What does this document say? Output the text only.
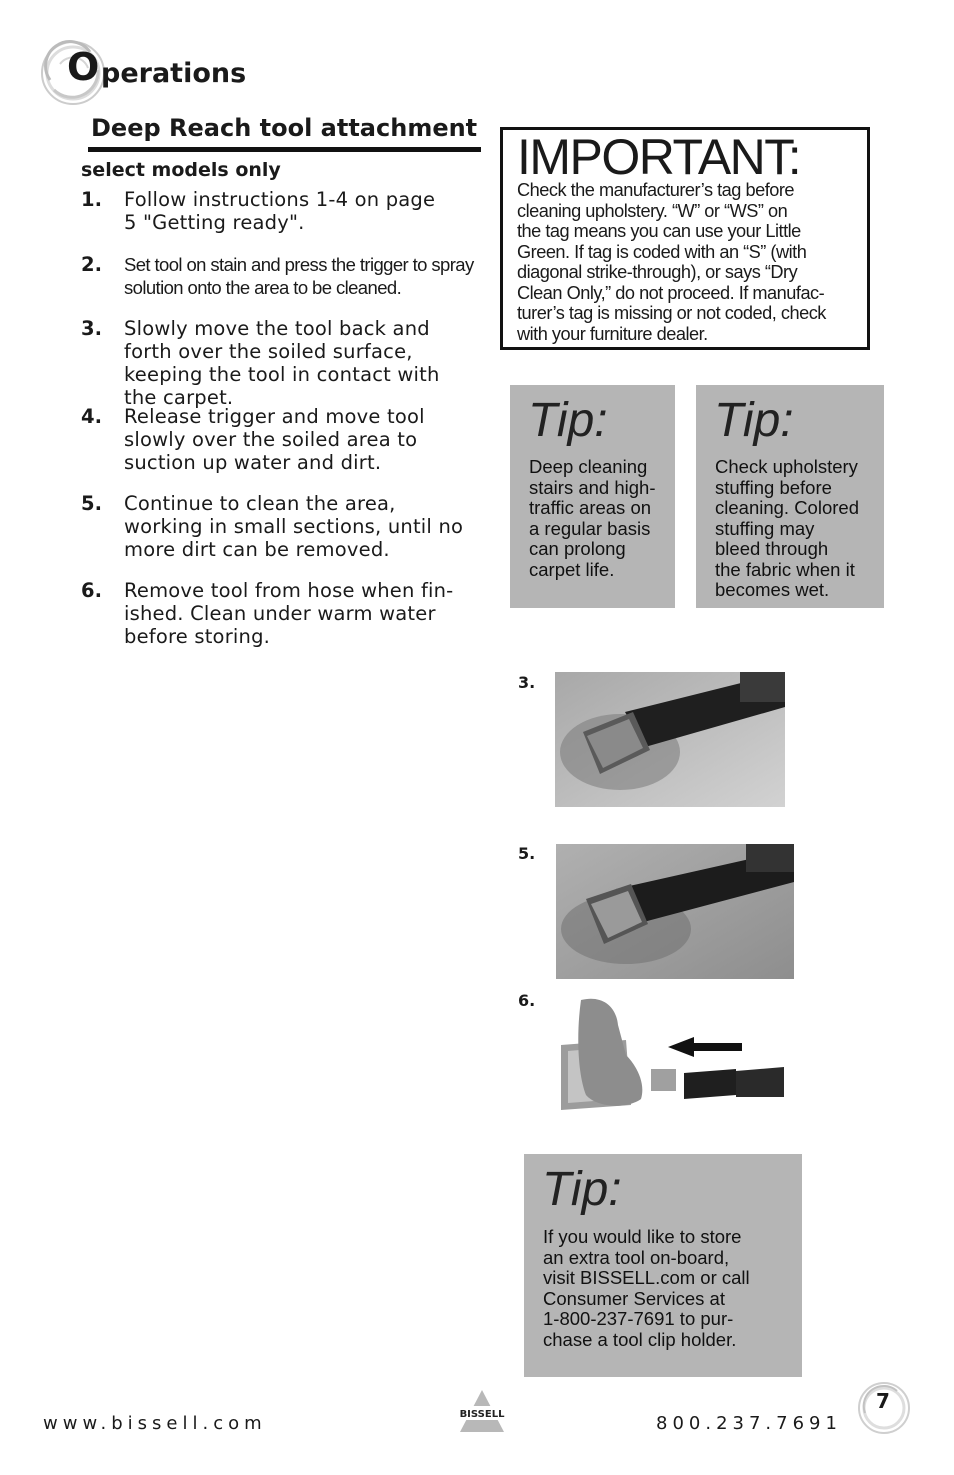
O perations
Deep Reach tool attachment
select models only
1. Follow instructions 1-4 on page 5 "Getting ready".
2. Set tool on stain and press the trigger to spray solution onto the area to be cleaned.
3. Slowly move the tool back and forth over the soiled surface, keeping the tool in contact with the carpet.
4. Release trigger and move tool slowly over the soiled area to suction up water and dirt.
5. Continue to clean the area, working in small sections, until no more dirt can be removed.
6. Remove tool from hose when fin-ished. Clean under warm water before storing.
IMPORTANT:
Check the manufacturer’s tag before
cleaning upholstery. “W” or “WS” on
the tag means you can use your Little
Green. If tag is coded with an “S” (with
diagonal strike-through), or says “Dry
Clean Only,” do not proceed. If manufac-
turer’s tag is missing or not coded, check
with your furniture dealer.
Tip:
Deep cleaning
stairs and high-
traffic areas on
a regular basis
can prolong
carpet life.
Tip:
Check upholstery
stuffing before
cleaning. Colored
stuffing may
bleed through
the fabric when it
becomes wet.
3.
5.
6.
Tip:
If you would like to store
an extra tool on-board,
visit BISSELL.com or call
Consumer Services at
1-800-237-7691 to pur-
chase a tool clip holder.
www.bissell.com	BISSELL	800.237.7691
7
